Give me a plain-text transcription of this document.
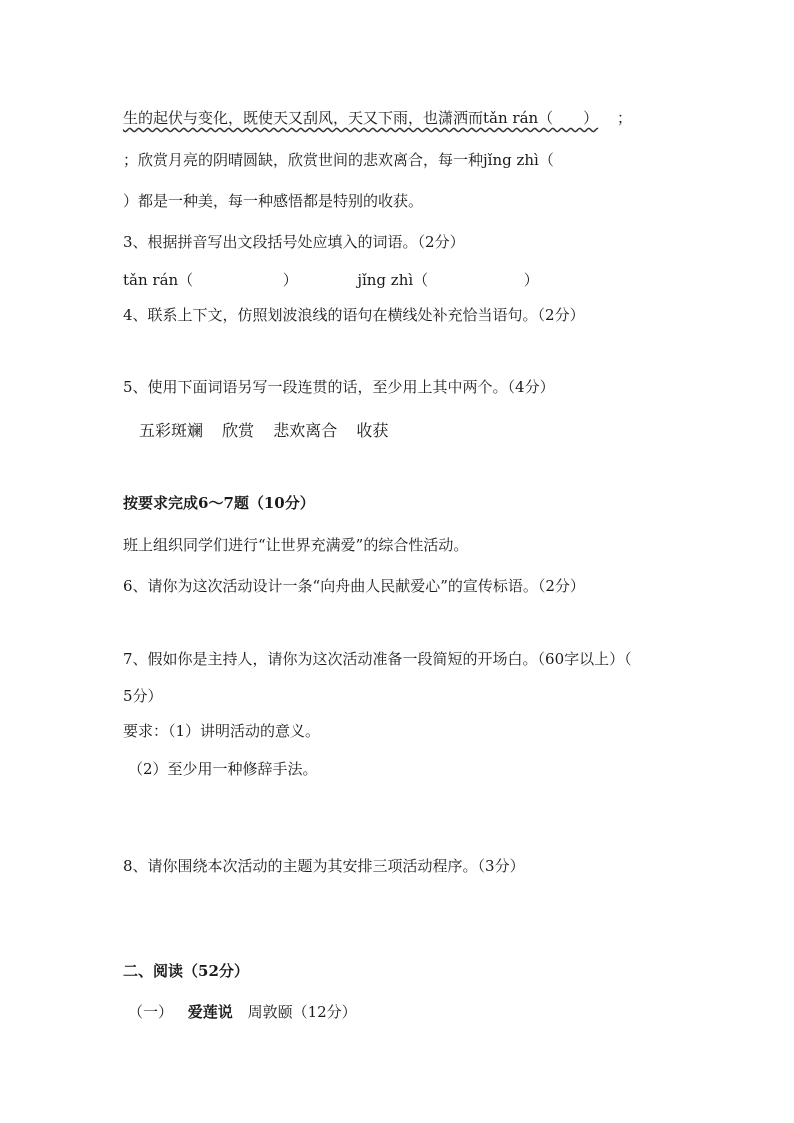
生的起伏与变化，既使天又刮风，天又下雨，也潇洒而tǎn rán（　　） ；
；欣赏月亮的阴晴圆缺，欣赏世间的悲欢离合，每一种jǐng zhì（
）都是一种美，每一种感悟都是特别的收获。
3、根据拼音写出文段括号处应填入的词语。（2分）
tǎn rán（	）	jǐng zhì（	）
4、联系上下文，仿照划波浪线的语句在横线处补充恰当语句。（2分）
5、使用下面词语另写一段连贯的话，至少用上其中两个。（4分）
五彩斑斓 欣赏 悲欢离合 收获
按要求完成6～7题（10分）
班上组织同学们进行“让世界充满爱”的综合性活动。
6、请你为这次活动设计一条“向舟曲人民献爱心”的宣传标语。（2分）
7、假如你是主持人，请你为这次活动准备一段简短的开场白。（60字以上）（
5分）
要求：（1）讲明活动的意义。
（2）至少用一种修辞手法。
8、请你围绕本次活动的主题为其安排三项活动程序。（3分）
二、阅读（52分）
（一） 爱莲说 周敦颐（12分）
